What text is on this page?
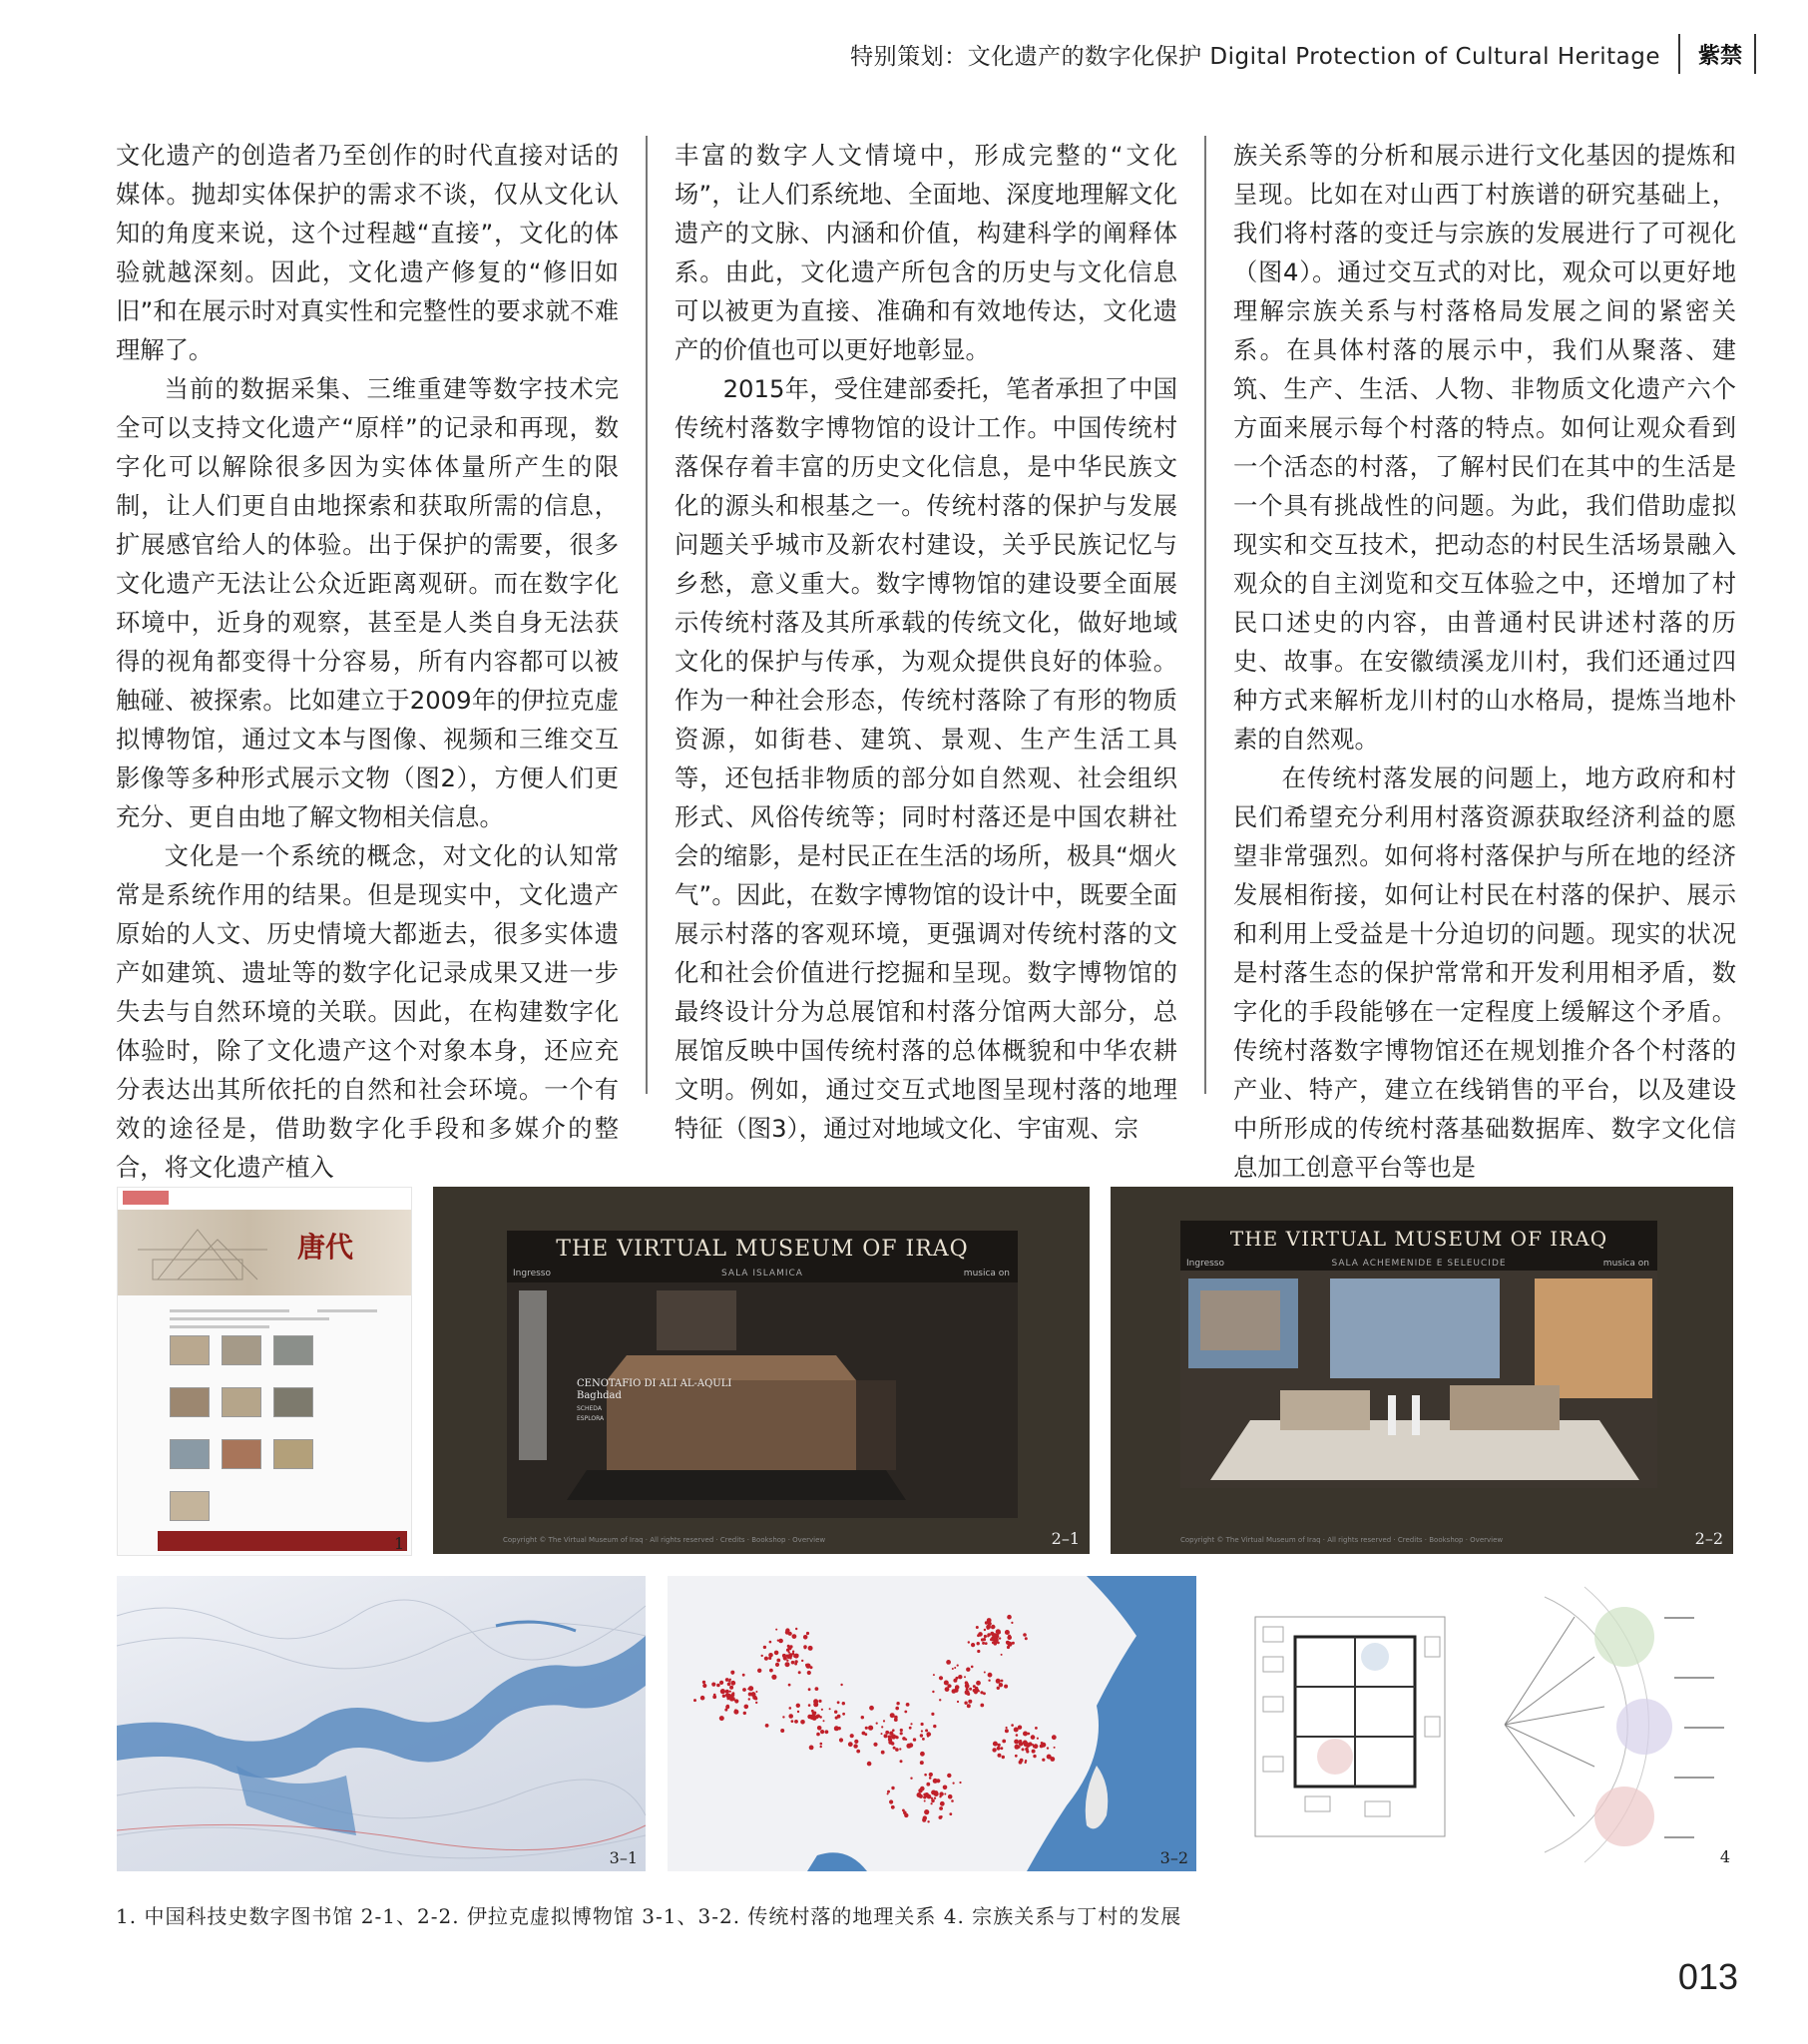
特别策划：文化遗产的数字化保护 Digital Protection of Cultural Heritage 紫禁

文化遗产的创造者乃至创作的时代直接对话的媒体。抛却实体保护的需求不谈，仅从文化认知的角度来说，这个过程越“直接”，文化的体验就越深刻。因此，文化遗产修复的“修旧如旧”和在展示时对真实性和完整性的要求就不难理解了。

当前的数据采集、三维重建等数字技术完全可以支持文化遗产“原样”的记录和再现，数字化可以解除很多因为实体体量所产生的限制，让人们更自由地探索和获取所需的信息，扩展感官给人的体验。出于保护的需要，很多文化遗产无法让公众近距离观研。而在数字化环境中，近身的观察，甚至是人类自身无法获得的视角都变得十分容易，所有内容都可以被触碰、被探索。比如建立于2009年的伊拉克虚拟博物馆，通过文本与图像、视频和三维交互影像等多种形式展示文物（图2），方便人们更充分、更自由地了解文物相关信息。

文化是一个系统的概念，对文化的认知常常是系统作用的结果。但是现实中，文化遗产原始的人文、历史情境大都逝去，很多实体遗产如建筑、遗址等的数字化记录成果又进一步失去与自然环境的关联。因此，在构建数字化体验时，除了文化遗产这个对象本身，还应充分表达出其所依托的自然和社会环境。一个有效的途径是，借助数字化手段和多媒介的整合，将文化遗产植入

丰富的数字人文情境中，形成完整的“文化场”，让人们系统地、全面地、深度地理解文化遗产的文脉、内涵和价值，构建科学的阐释体系。由此，文化遗产所包含的历史与文化信息可以被更为直接、准确和有效地传达，文化遗产的价值也可以更好地彰显。

2015年，受住建部委托，笔者承担了中国传统村落数字博物馆的设计工作。中国传统村落保存着丰富的历史文化信息，是中华民族文化的源头和根基之一。传统村落的保护与发展问题关乎城市及新农村建设，关乎民族记忆与乡愁，意义重大。数字博物馆的建设要全面展示传统村落及其所承载的传统文化，做好地域文化的保护与传承，为观众提供良好的体验。作为一种社会形态，传统村落除了有形的物质资源，如街巷、建筑、景观、生产生活工具等，还包括非物质的部分如自然观、社会组织形式、风俗传统等；同时村落还是中国农耕社会的缩影，是村民正在生活的场所，极具“烟火气”。因此，在数字博物馆的设计中，既要全面展示村落的客观环境，更强调对传统村落的文化和社会价值进行挖掘和呈现。数字博物馆的最终设计分为总展馆和村落分馆两大部分，总展馆反映中国传统村落的总体概貌和中华农耕文明。例如，通过交互式地图呈现村落的地理特征（图3），通过对地域文化、宇宙观、宗

族关系等的分析和展示进行文化基因的提炼和呈现。比如在对山西丁村族谱的研究基础上，我们将村落的变迁与宗族的发展进行了可视化（图4）。通过交互式的对比，观众可以更好地理解宗族关系与村落格局发展之间的紧密关系。在具体村落的展示中，我们从聚落、建筑、生产、生活、人物、非物质文化遗产六个方面来展示每个村落的特点。如何让观众看到一个活态的村落，了解村民们在其中的生活是一个具有挑战性的问题。为此，我们借助虚拟现实和交互技术，把动态的村民生活场景融入观众的自主浏览和交互体验之中，还增加了村民口述史的内容，由普通村民讲述村落的历史、故事。在安徽绩溪龙川村，我们还通过四种方式来解析龙川村的山水格局，提炼当地朴素的自然观。

在传统村落发展的问题上，地方政府和村民们希望充分利用村落资源获取经济利益的愿望非常强烈。如何将村落保护与所在地的经济发展相衔接，如何让村民在村落的保护、展示和利用上受益是十分迫切的问题。现实的状况是村落生态的保护常常和开发利用相矛盾，数字化的手段能够在一定程度上缓解这个矛盾。传统村落数字博物馆还在规划推介各个村落的产业、特产，建立在线销售的平台，以及建设中所形成的传统村落基础数据库、数字文化信息加工创意平台等也是

唐代
1
THE VIRTUAL MUSEUM OF IRAQ
SALA ISLAMICA
Ingresso	musica on
CENOTAFIO DI ALI AL-AQULI
Baghdad
SCHEDA
ESPLORA
Copyright © The Virtual Museum of Iraq · All rights reserved · Credits · Bookshop · Overview	2–1
THE VIRTUAL MUSEUM OF IRAQ
SALA ACHEMENIDE E SELEUCIDE
Ingresso	musica on
Copyright © The Virtual Museum of Iraq · All rights reserved · Credits · Bookshop · Overview	2–2
3–1	3–2	4
1. 中国科技史数字图书馆 2-1、2-2. 伊拉克虚拟博物馆 3-1、3-2. 传统村落的地理关系 4. 宗族关系与丁村的发展
013
